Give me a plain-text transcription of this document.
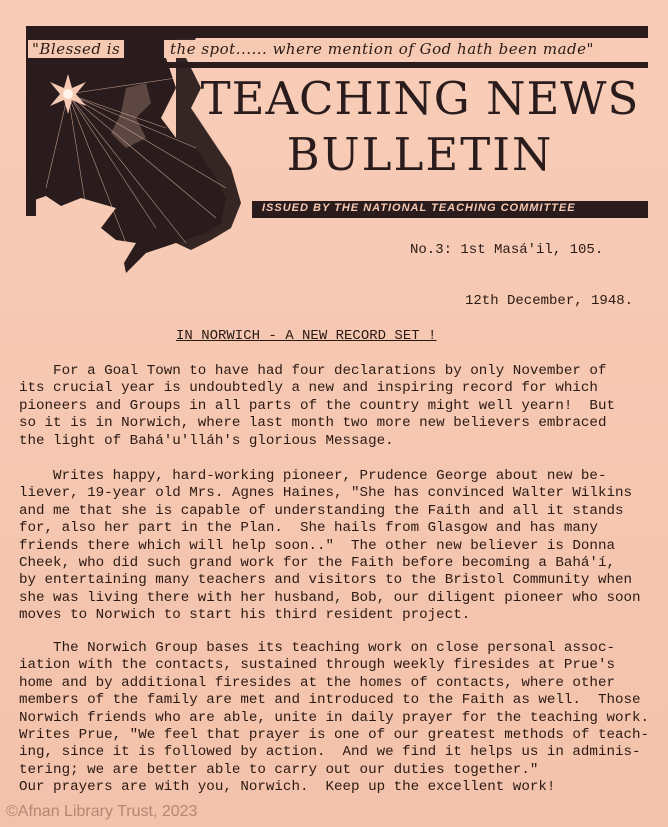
"Blessed is	the spot...... where mention of God hath been made"
TEACHING NEWS
BULLETIN
ISSUED BY THE NATIONAL TEACHING COMMITTEE
No.3: 1st Masá'il, 105.
12th December, 1948.
IN NORWICH - A NEW RECORD SET !

For a Goal Town to have had four declarations by only November of

its crucial year is undoubtedly a new and inspiring record for which

pioneers and Groups in all parts of the country might well yearn!  But

so it is in Norwich, where last month two more new believers embraced

the light of Bahá'u'lláh's glorious Message.

Writes happy, hard-working pioneer, Prudence George about new be-

liever, 19-year old Mrs. Agnes Haines, "She has convinced Walter Wilkins

and me that she is capable of understanding the Faith and all it stands

for, also her part in the Plan.  She hails from Glasgow and has many

friends there which will help soon.."  The other new believer is Donna

Cheek, who did such grand work for the Faith before becoming a Bahá'í,

by entertaining many teachers and visitors to the Bristol Community when

she was living there with her husband, Bob, our diligent pioneer who soon

moves to Norwich to start his third resident project.

The Norwich Group bases its teaching work on close personal assoc-

iation with the contacts, sustained through weekly firesides at Prue's

home and by additional firesides at the homes of contacts, where other

members of the family are met and introduced to the Faith as well.  Those

Norwich friends who are able, unite in daily prayer for the teaching work.

Writes Prue, "We feel that prayer is one of our greatest methods of teach-

ing, since it is followed by action.  And we find it helps us in adminis-

tering; we are better able to carry out our duties together."

Our prayers are with you, Norwich.  Keep up the excellent work!

©Afnan Library Trust, 2023
